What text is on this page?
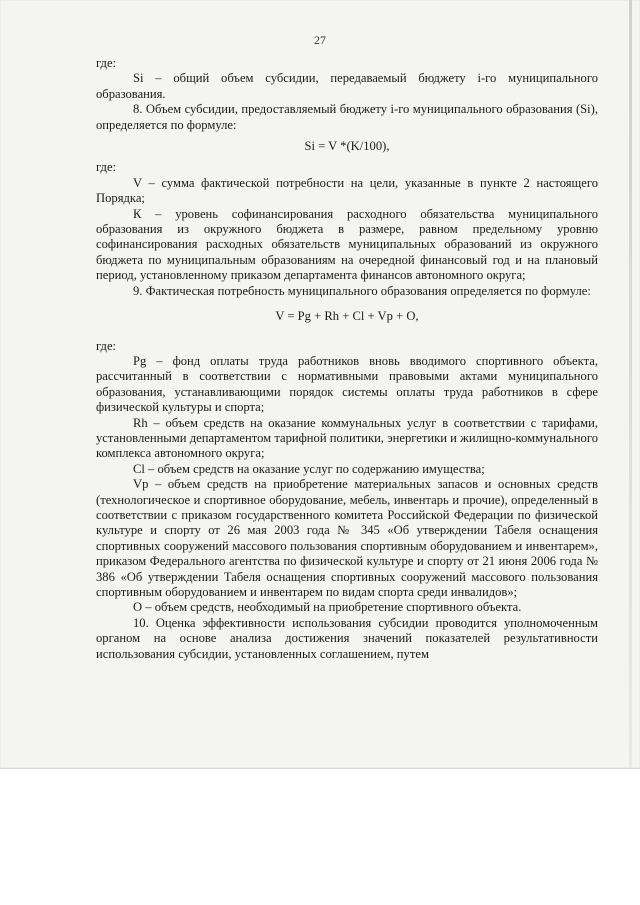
27

где:

Si – общий объем субсидии, передаваемый бюджету i-го муниципального образования.

8. Объем субсидии, предоставляемый бюджету i-го муниципального образования (Si), определяется по формуле:

Si = V *(K/100),

где:

V – сумма фактической потребности на цели, указанные в пункте 2 настоящего Порядка;

К – уровень софинансирования расходного обязательства муниципального образования из окружного бюджета в размере, равном предельному уровню софинансирования расходных обязательств муниципальных образований из окружного бюджета по муниципальным образованиям на очередной финансовый год и на плановый период, установленному приказом департамента финансов автономного округа;

9. Фактическая потребность муниципального образования определяется по формуле:

V = Pg + Rh + Cl + Vp + O,

где:

Pg – фонд оплаты труда работников вновь вводимого спортивного объекта, рассчитанный в соответствии с нормативными правовыми актами муниципального образования, устанавливающими порядок системы оплаты труда работников в сфере физической культуры и спорта;

Rh – объем средств на оказание коммунальных услуг в соответствии с тарифами, установленными департаментом тарифной политики, энергетики и жилищно-коммунального комплекса автономного округа;

Cl – объем средств на оказание услуг по содержанию имущества;

Vp – объем средств на приобретение материальных запасов и основных средств (технологическое и спортивное оборудование, мебель, инвентарь и прочие), определенный в соответствии с приказом государственного комитета Российской Федерации по физической культуре и спорту от 26 мая 2003 года № 345 «Об утверждении Табеля оснащения спортивных сооружений массового пользования спортивным оборудованием и инвентарем», приказом Федерального агентства по физической культуре и спорту от 21 июня 2006 года № 386 «Об утверждении Табеля оснащения спортивных сооружений массового пользования спортивным оборудованием и инвентарем по видам спорта среди инвалидов»;

О – объем средств, необходимый на приобретение спортивного объекта.

10. Оценка эффективности использования субсидии проводится уполномоченным органом на основе анализа достижения значений показателей результативности использования субсидии, установленных соглашением, путем
